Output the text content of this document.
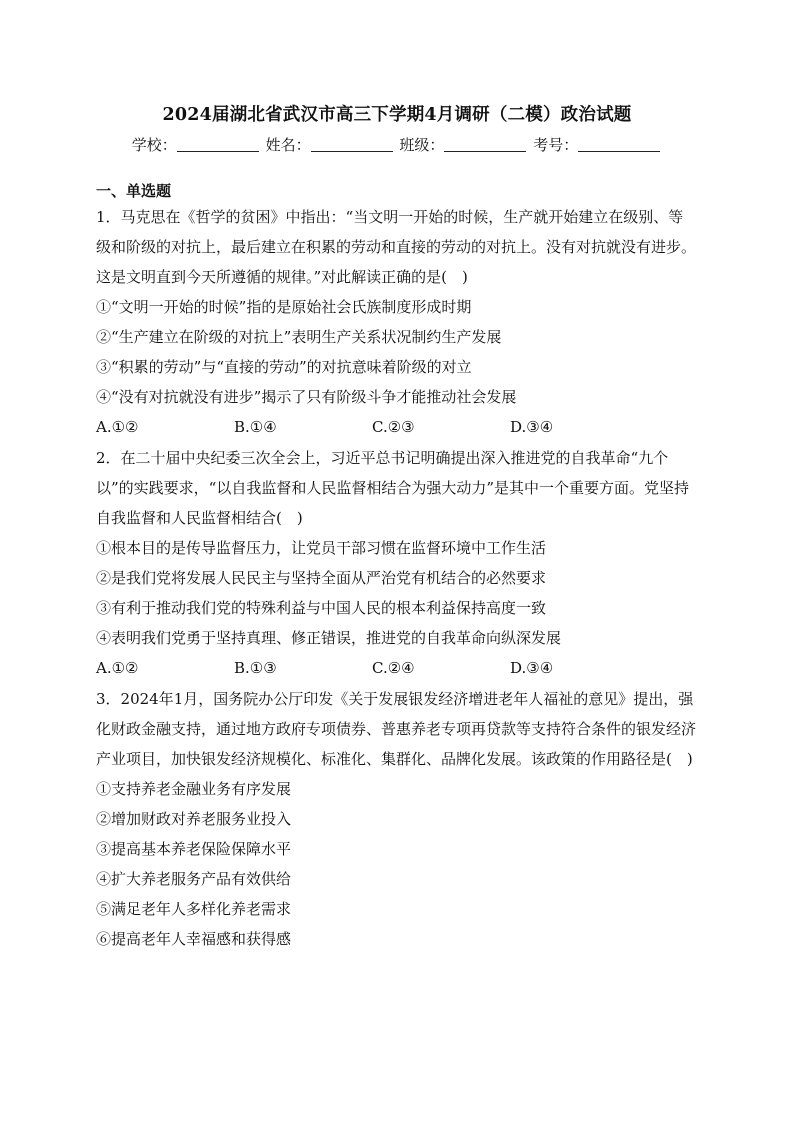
2024届湖北省武汉市高三下学期4月调研（二模）政治试题
学校：	姓名：	班级：	考号：
一、单选题

1．马克思在《哲学的贫困》中指出：“当文明一开始的时候，生产就开始建立在级别、等级和阶级的对抗上，最后建立在积累的劳动和直接的劳动的对抗上。没有对抗就没有进步。这是文明直到今天所遵循的规律。”对此解读正确的是(　)

①“文明一开始的时候”指的是原始社会氏族制度形成时期

②“生产建立在阶级的对抗上”表明生产关系状况制约生产发展

③“积累的劳动”与“直接的劳动”的对抗意味着阶级的对立

④“没有对抗就没有进步”揭示了只有阶级斗争才能推动社会发展

A.①②	B.①④	C.②③	D.③④

2．在二十届中央纪委三次全会上，习近平总书记明确提出深入推进党的自我革命“九个以”的实践要求，“以自我监督和人民监督相结合为强大动力”是其中一个重要方面。党坚持自我监督和人民监督相结合(　)

①根本目的是传导监督压力，让党员干部习惯在监督环境中工作生活

②是我们党将发展人民民主与坚持全面从严治党有机结合的必然要求

③有利于推动我们党的特殊利益与中国人民的根本利益保持高度一致

④表明我们党勇于坚持真理、修正错误，推进党的自我革命向纵深发展

A.①②	B.①③	C.②④	D.③④

3．2024年1月，国务院办公厅印发《关于发展银发经济增进老年人福祉的意见》提出，强化财政金融支持，通过地方政府专项债券、普惠养老专项再贷款等支持符合条件的银发经济产业项目，加快银发经济规模化、标准化、集群化、品牌化发展。该政策的作用路径是(　)

①支持养老金融业务有序发展

②增加财政对养老服务业投入

③提高基本养老保险保障水平

④扩大养老服务产品有效供给

⑤满足老年人多样化养老需求

⑥提高老年人幸福感和获得感
